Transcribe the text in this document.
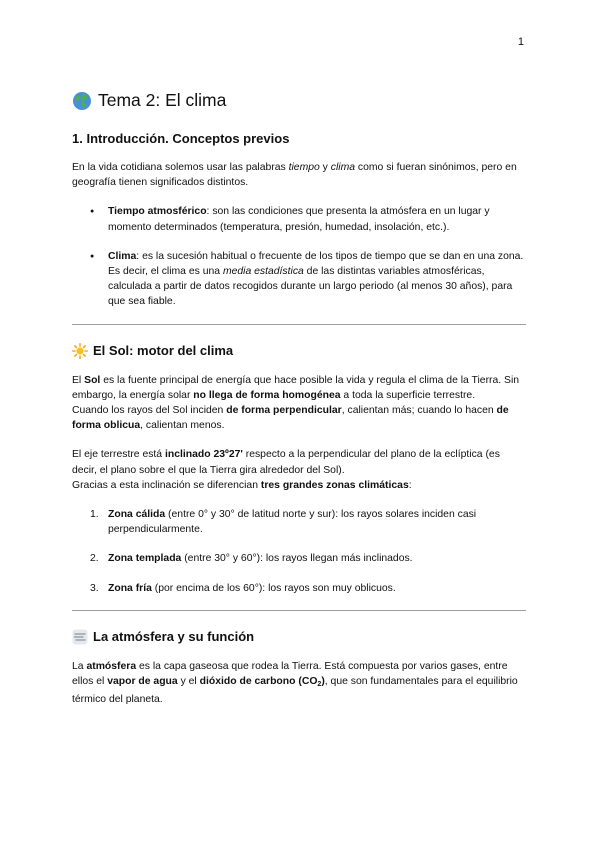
1
Tema 2: El clima
1. Introducción. Conceptos previos

En la vida cotidiana solemos usar las palabras tiempo y clima como si fueran sinónimos, pero en geografía tienen significados distintos.

● Tiempo atmosférico: son las condiciones que presenta la atmósfera en un lugar y momento determinados (temperatura, presión, humedad, insolación, etc.).
● Clima: es la sucesión habitual o frecuente de los tipos de tiempo que se dan en una zona. Es decir, el clima es una media estadística de las distintas variables atmosféricas, calculada a partir de datos recogidos durante un largo periodo (al menos 30 años), para que sea fiable.
El Sol: motor del clima

El Sol es la fuente principal de energía que hace posible la vida y regula el clima de la Tierra. Sin embargo, la energía solar no llega de forma homogénea a toda la superficie terrestre.

Cuando los rayos del Sol inciden de forma perpendicular, calientan más; cuando lo hacen de forma oblicua, calientan menos.

El eje terrestre está inclinado 23º27' respecto a la perpendicular del plano de la eclíptica (es decir, el plano sobre el que la Tierra gira alrededor del Sol).

Gracias a esta inclinación se diferencian tres grandes zonas climáticas:

1. Zona cálida (entre 0° y 30° de latitud norte y sur): los rayos solares inciden casi perpendicularmente.
2. Zona templada (entre 30° y 60°): los rayos llegan más inclinados.
3. Zona fría (por encima de los 60°): los rayos son muy oblicuos.
La atmósfera y su función

La atmósfera es la capa gaseosa que rodea la Tierra. Está compuesta por varios gases, entre ellos el vapor de agua y el dióxido de carbono $(CO_2)$, que son fundamentales para el equilibrio térmico del planeta.
